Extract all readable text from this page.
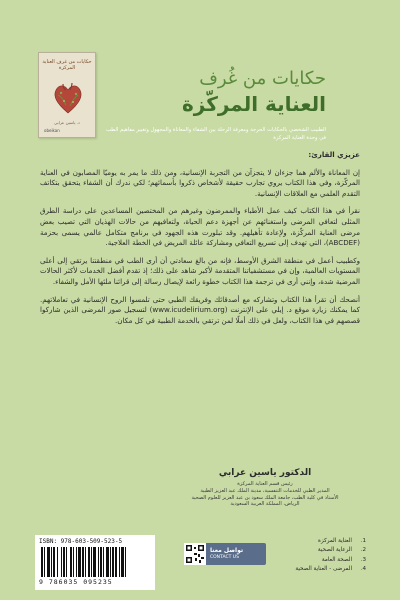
حكايات من غرف العناية المركزة
د. ياسين عرابي
obeikan
حكايات من غُرف
العناية المركّزة
الطبيب الشخصي بالحكايات الحرجة ومعرفة الرحلة بين الشفاء والمعاناة والمجهول وتغيير مفاهيم الطب في وحدة العناية المركزة
عزيزي القارئ:

إن المعاناة والألم هما جزءان لا يتجزآن من التجربة الإنسانية، ومن ذلك ما يمر به يوميًا المصابون في العناية المركّزة، وفي هذا الكتاب يروي تجارب حقيقة لأشخاص ذكروا بأسمائهم؛ لكي ندرك أن الشفاء يتحقق بتكاتف التقدم العلمي مع العلاقات الإنسانية.

نقرأ في هذا الكتاب كيف عمل الأطباء والممرضون وغيرهم من المختصين المساعدين على دراسة الطرق المثلى لتعافي المرضى واستغنائهم عن أجهزة دعم الحياة، ولتعافيهم من حالات الهذيان التي تصيب بعض مرضى العناية المركّزة، ولإعادة تأهيلهم. وقد تبلورت هذه الجهود في برنامج متكامل عالمي يسمى بحزمة (ABCDEF)، التي تهدف إلى تسريع التعافي ومشاركة عائلة المريض في الخطة العلاجية.

وكطبيب أعمل في منطقة الشرق الأوسط، فإنه من بالغ سعادتي أن أرى الطب في منطقتنا يرتقي إلى أعلى المستويات العالمية، وإن في مستشفياتنا المتقدمة لأكبر شاهد على ذلك؛ إذ تقدم أفضل الخدمات لأكثر الحالات المرضية شدة، وإنني أرى في ترجمة هذا الكتاب خطوة رائعة لإيصال رسالة إلى قرائنا ملئها الأمل والشفاء.

أنصحك أن تقرأ هذا الكتاب وتشاركه مع أصدقائك وفريقك الطبي حتى تلمسوا الروح الإنسانية في تعاملاتهم. كما يمكنك زيارة موقع د. إيلي على الإنترنت (www.icudelirium.org) لتسجيل صور المرضى الذين شاركوا قصصهم في هذا الكتاب، ولعل في ذلك أملًا لمن ترتقي بالخدمة الطبية في كل مكان.

الدكتور ياسين عرابي
رئيس قسم العناية المركزة
المدير الطبي للخدمات التنفسية، مدينة الملك عبد العزيز الطبية
الأستاذ في كلية الطب، جامعة الملك سعود بن عبد العزيز للعلوم الصحية
الرياض، المملكة العربية السعودية
1.
العناية المركزة
2.
الرعاية الصحية
3.
الصحة العامة
4.
المرضى - العناية الصحية
تواصل معنا
CONTACT US
ISBN: 978-603-509-523-5
9 786035 095235
